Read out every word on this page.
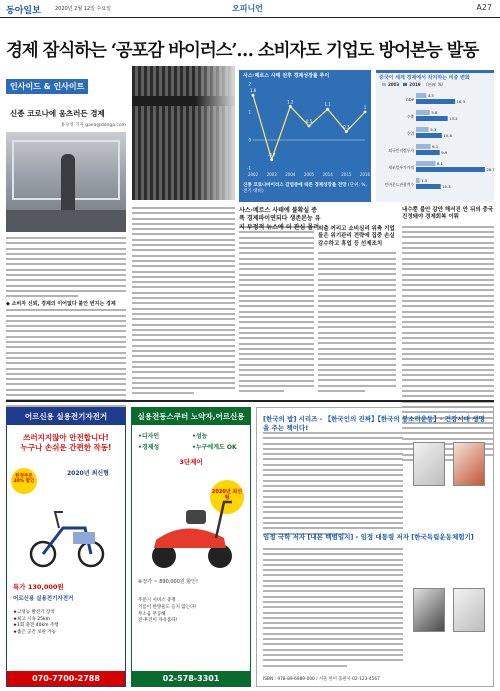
동아일보	2020년 2월 12일 수요일	오피니언	A27
경제 잠식하는 ‘공포감 바이러스’… 소비자도 기업도 방어본능 발동
인사이드 & 인사이트
신종 코로나에 움츠러든 경제
홍수영 기자 gaea@donga.com
◆ 소비자 신뢰, 경제의 이어없다 불안 번지는 경제
사스·메르스 사태 전후 경제성장률 추이
-1
0
1
2
1.6
2002
-0.7
2003
1.2
2004
0.5
2005
1.1
2014
0.3
2015
1
2016
신종 코로나바이러스 감염증에 따른 경제성장률 전망 (단위: %, 전기 대비)
중국이 세계 경제에서 차지하는 비중 변화
2003	2019 (단위: %)
GDP
4.3
16.3
수출
5.8
13.2
수입
5.3
10.8
외국인직접투자
6.1
9.9
제조업부가가치
8.1
28.7
인바운드관광객수
1.5
10.3
사스·메르스 사태에 불확실 증폭 경제파이연되다 생존본능 유지 부정적 뉴스에 더 관심 몰려 외출 꺼리고 소비심리 위축 기업들은 위기관리 전략에 집중 손실 감수하고 휴업 등 선제조치
내수뿐 불안 감안 해서진 안 뒤의 중국 진정돼야 경제회복 이뤄
어르신용 실용전기자전거
쓰러지지않아 안전합니다!
누구나 손쉬운 간편한 작동!
한정주문 30% 할인
2020년 최신형
특가 130,000원
어르신용 실용전기자전거
★고성능 발전기 장착
★최고 시속 25km
★1회 충전 40km 주행
★좁은 공간 보관 가능
070-7700-2788
실용전동스쿠터 노약자,어르신용
•디자인	•성능
•경제성	•누구에게도 OK
3단제어
2020년 최신형
※정가 ~ 890,000원 할인!
주문시 서비스 증정
기름이 한방울도 들지 않는다!
무소음 무공해
전·후진이 자유롭다!
02-578-3301
[한국의 밥] 시리즈 - 【한국인의 진짜】【한국의 봉소리운동】- 건강시대 생명을 주는 책이다!
임정 국학 저자 [내본 백범일지] - 임정 대통령 저자 [한국독립운동체험기]
ISBN : 978-89-6989-000 / 서울 한미 출판사 02-123-4567
